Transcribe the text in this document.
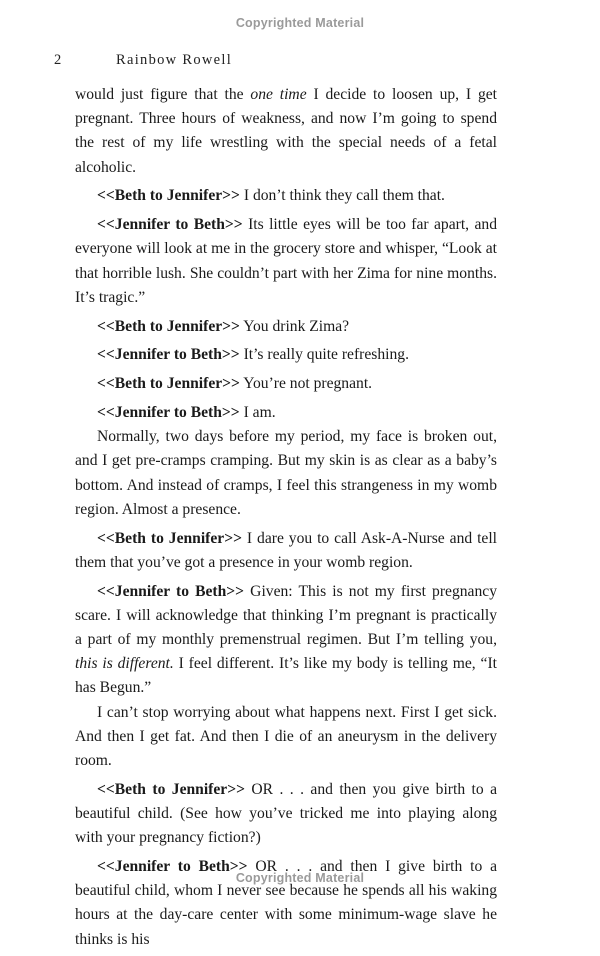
Copyrighted Material
2	Rainbow Rowell

would just figure that the one time I decide to loosen up, I get pregnant. Three hours of weakness, and now I’m going to spend the rest of my life wrestling with the special needs of a fetal alcoholic.

<<Beth to Jennifer>> I don’t think they call them that.

<<Jennifer to Beth>> Its little eyes will be too far apart, and everyone will look at me in the grocery store and whisper, “Look at that horrible lush. She couldn’t part with her Zima for nine months. It’s tragic.”

<<Beth to Jennifer>> You drink Zima?

<<Jennifer to Beth>> It’s really quite refreshing.

<<Beth to Jennifer>> You’re not pregnant.

<<Jennifer to Beth>> I am.

Normally, two days before my period, my face is broken out, and I get pre-cramps cramping. But my skin is as clear as a baby’s bottom. And instead of cramps, I feel this strangeness in my womb region. Almost a presence.

<<Beth to Jennifer>> I dare you to call Ask-A-Nurse and tell them that you’ve got a presence in your womb region.

<<Jennifer to Beth>> Given: This is not my first pregnancy scare. I will acknowledge that thinking I’m pregnant is practically a part of my monthly premenstrual regimen. But I’m telling you, this is different. I feel different. It’s like my body is telling me, “It has Begun.”

I can’t stop worrying about what happens next. First I get sick. And then I get fat. And then I die of an aneurysm in the delivery room.

<<Beth to Jennifer>> OR . . . and then you give birth to a beautiful child. (See how you’ve tricked me into playing along with your pregnancy fiction?)

<<Jennifer to Beth>> OR . . . and then I give birth to a beautiful child, whom I never see because he spends all his waking hours at the day-care center with some minimum-wage slave he thinks is his

Copyrighted Material
